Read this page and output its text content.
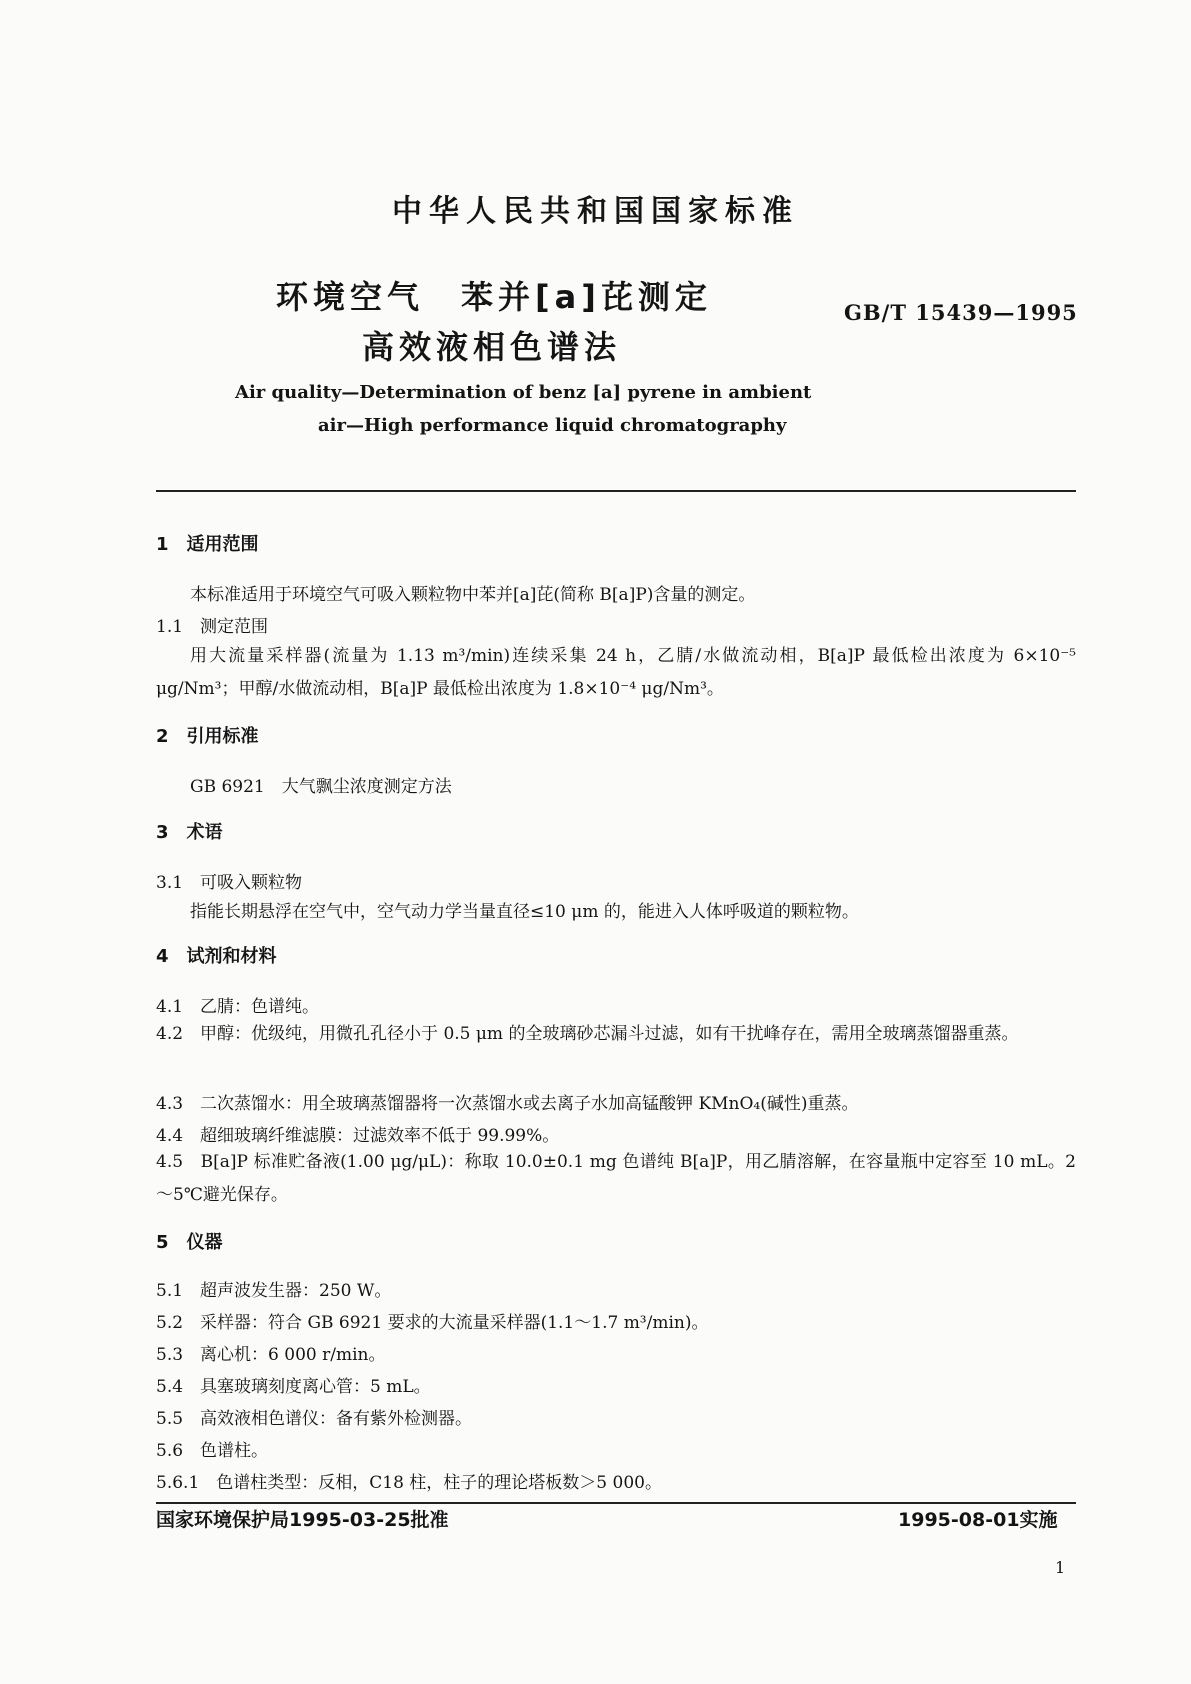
中华人民共和国国家标准
环境空气　苯并[a]芘测定
高效液相色谱法
GB/T 15439—1995
Air quality—Determination of benz [a] pyrene in ambient
air—High performance liquid chromatography
1　适用范围
本标准适用于环境空气可吸入颗粒物中苯并[a]芘(简称 B[a]P)含量的测定。
1.1　测定范围
用大流量采样器(流量为 1.13 m³/min)连续采集 24 h，乙腈/水做流动相，B[a]P 最低检出浓度为 6×10⁻⁵ μg/Nm³；甲醇/水做流动相，B[a]P 最低检出浓度为 1.8×10⁻⁴ μg/Nm³。
2　引用标准
GB 6921　大气飘尘浓度测定方法
3　术语
3.1　可吸入颗粒物
指能长期悬浮在空气中，空气动力学当量直径≤10 μm 的，能进入人体呼吸道的颗粒物。
4　试剂和材料
4.1　乙腈：色谱纯。
4.2　甲醇：优级纯，用微孔孔径小于 0.5 μm 的全玻璃砂芯漏斗过滤，如有干扰峰存在，需用全玻璃蒸馏器重蒸。
4.3　二次蒸馏水：用全玻璃蒸馏器将一次蒸馏水或去离子水加高锰酸钾 KMnO₄(碱性)重蒸。
4.4　超细玻璃纤维滤膜：过滤效率不低于 99.99%。
4.5　B[a]P 标准贮备液(1.00 μg/μL)：称取 10.0±0.1 mg 色谱纯 B[a]P，用乙腈溶解，在容量瓶中定容至 10 mL。2～5℃避光保存。
5　仪器
5.1　超声波发生器：250 W。
5.2　采样器：符合 GB 6921 要求的大流量采样器(1.1～1.7 m³/min)。
5.3　离心机：6 000 r/min。
5.4　具塞玻璃刻度离心管：5 mL。
5.5　高效液相色谱仪：备有紫外检测器。
5.6　色谱柱。
5.6.1　色谱柱类型：反相，C18 柱，柱子的理论塔板数＞5 000。
国家环境保护局1995-03-25批准	1995-08-01实施
1
